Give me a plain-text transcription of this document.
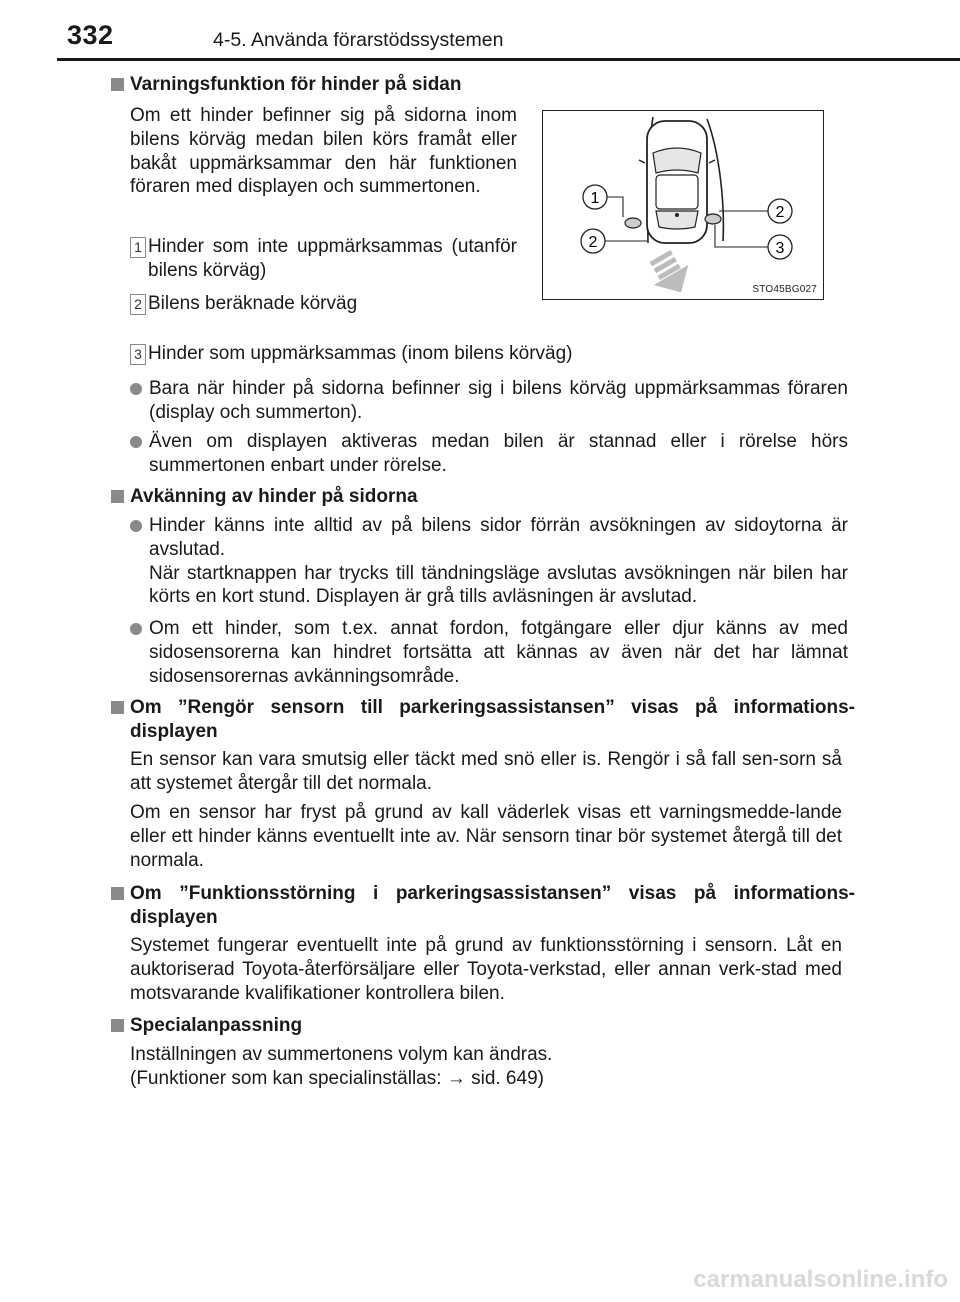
332	4-5. Använda förarstödssystemen
Varningsfunktion för hinder på sidan
Om ett hinder befinner sig på sidorna inom bilens körväg medan bilen körs framåt eller bakåt uppmärksammar den här funktionen föraren med displayen och summertonen.
1 Hinder som inte uppmärksammas (utanför bilens körväg)
2 Bilens beräknade körväg
3 Hinder som uppmärksammas (inom bilens körväg)
1
2
2
3
STO45BG027
Bara när hinder på sidorna befinner sig i bilens körväg uppmärksammas föraren (display och summerton).
Även om displayen aktiveras medan bilen är stannad eller i rörelse hörs summertonen enbart under rörelse.
Avkänning av hinder på sidorna
Hinder känns inte alltid av på bilens sidor förrän avsökningen av sidoytorna är avslutad.
När startknappen har trycks till tändningsläge avslutas avsökningen när bilen har körts en kort stund. Displayen är grå tills avläsningen är avslutad.
Om ett hinder, som t.ex. annat fordon, fotgängare eller djur känns av med sidosensorerna kan hindret fortsätta att kännas av även när det har lämnat sidosensorernas avkänningsområde.
Om ”Rengör sensorn till parkeringsassistansen” visas på informations-displayen
En sensor kan vara smutsig eller täckt med snö eller is. Rengör i så fall sen-sorn så att systemet återgår till det normala.
Om en sensor har fryst på grund av kall väderlek visas ett varningsmedde-lande eller ett hinder känns eventuellt inte av. När sensorn tinar bör systemet återgå till det normala.
Om ”Funktionsstörning i parkeringsassistansen” visas på informations-displayen
Systemet fungerar eventuellt inte på grund av funktionsstörning i sensorn. Låt en auktoriserad Toyota-återförsäljare eller Toyota-verkstad, eller annan verk-stad med motsvarande kvalifikationer kontrollera bilen.
Specialanpassning
Inställningen av summertonens volym kan ändras.
(Funktioner som kan specialinställas: → sid. 649)
carmanualsonline.info
